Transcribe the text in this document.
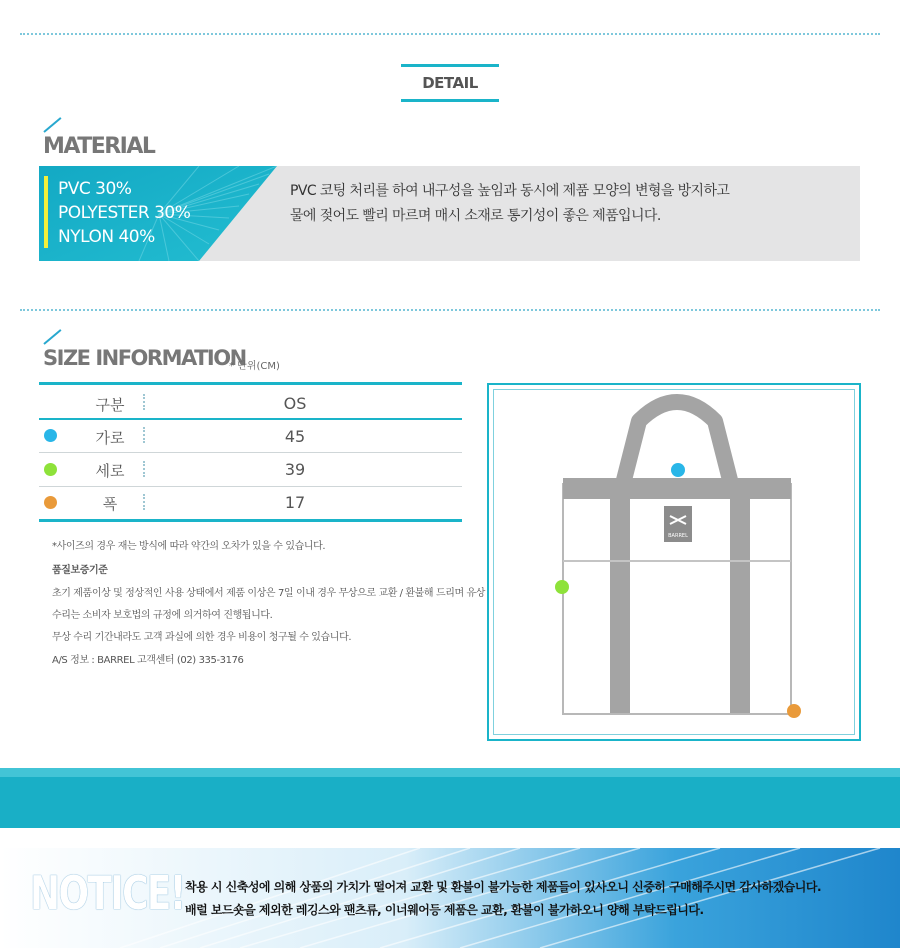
DETAIL
MATERIAL
PVC 30%
POLYESTER 30%
NYLON 40%
PVC 코팅 처리를 하여 내구성을 높임과 동시에 제품 모양의 변형을 방지하고
물에 젖어도 빨리 마르며 매시 소재로 통기성이 좋은 제품입니다.
SIZE INFORMATION
* 단위(CM)
구분	OS
가로	45
세로	39
폭	17
*사이즈의 경우 재는 방식에 따라 약간의 오차가 있을 수 있습니다.
품질보증기준
초기 제품이상 및 정상적인 사용 상태에서 제품 이상은 7일 이내 경우 무상으로 교환 / 환불해 드리며 유상
수리는 소비자 보호법의 규정에 의거하여 진행됩니다.
무상 수리 기간내라도 고객 과실에 의한 경우 비용이 청구될 수 있습니다.
A/S 정보 : BARREL 고객센터 (02) 335-3176
BARREL
NOTICE! 착용 시 신축성에 의해 상품의 가치가 떨어져 교환 및 환불이 불가능한 제품들이 있사오니 신중히 구매해주시면 감사하겠습니다.
배럴 보드숏을 제외한 레깅스와 팬츠류, 이너웨어등 제품은 교환, 환불이 불가하오니 양해 부탁드립니다.
